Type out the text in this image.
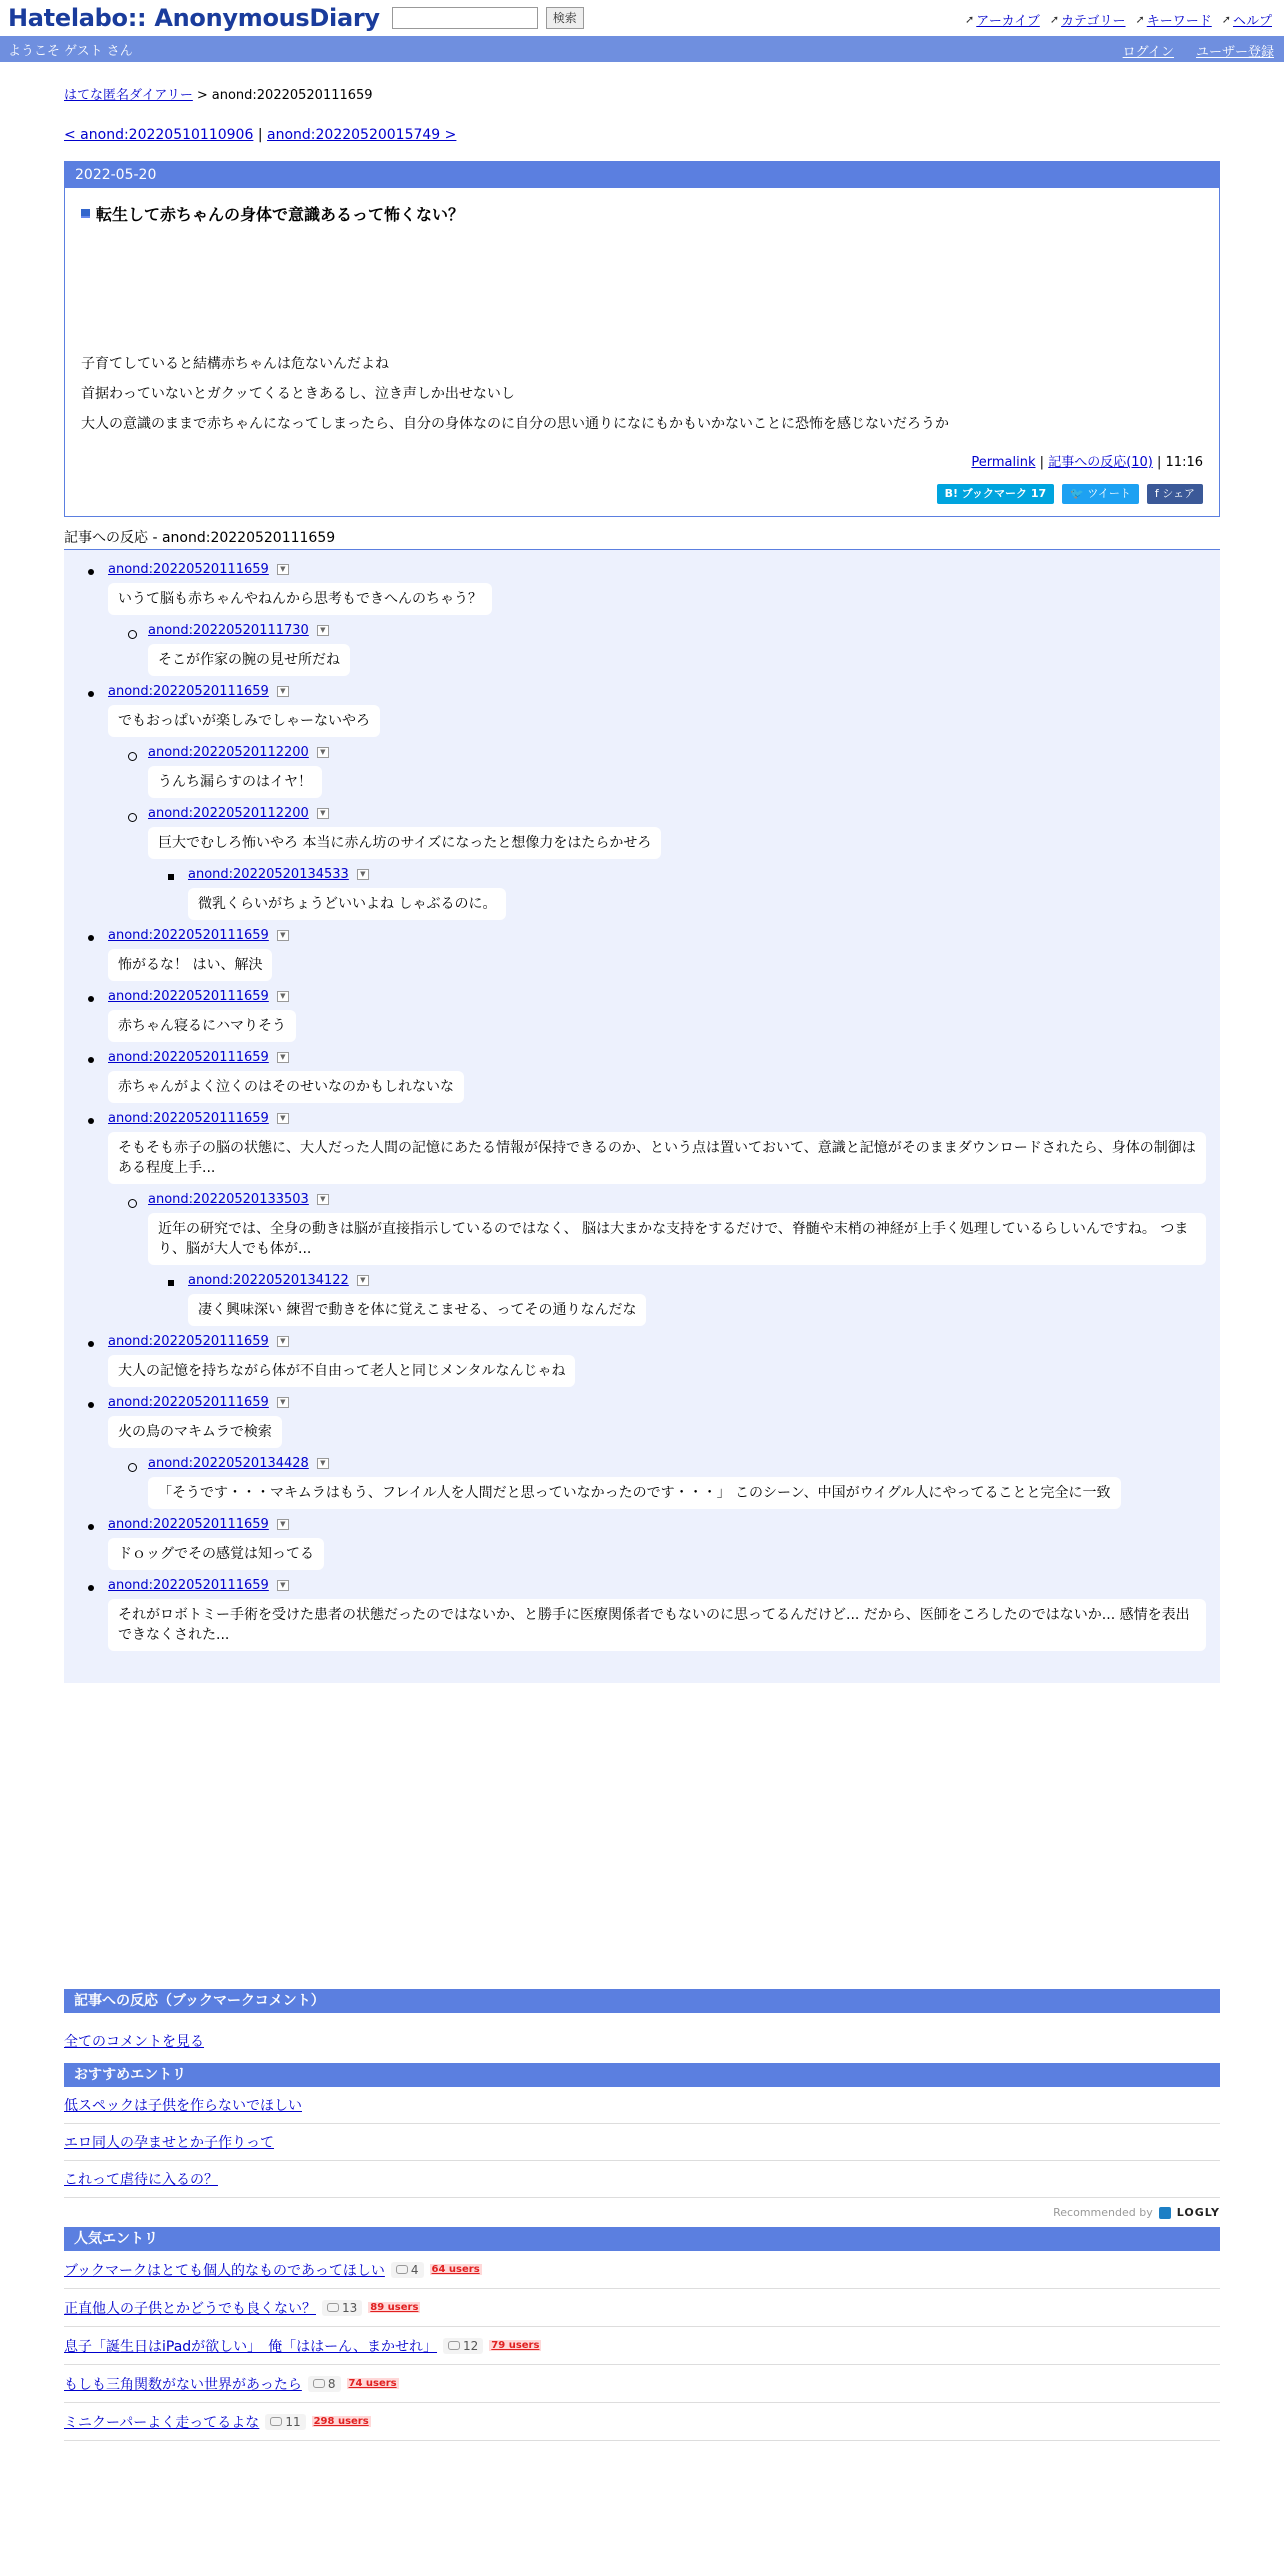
Hatelabo:: AnonymousDiary	検索	➚ アーカイブ ➚ カテゴリー ➚ キーワード ➚ ヘルプ
ようこそ ゲスト さん	ログイン ユーザー登録
はてな匿名ダイアリー > anond:20220520111659
< anond:20220510110906 | anond:20220520015749 >
2022-05-20
転生して赤ちゃんの身体で意識あるって怖くない？
子育てしていると結構赤ちゃんは危ないんだよね
首据わっていないとガクッてくるときあるし、泣き声しか出せないし
大人の意識のままで赤ちゃんになってしまったら、自分の身体なのに自分の思い通りになにもかもいかないことに恐怖を感じないだろうか
Permalink | 記事への反応(10) | 11:16
B! ブックマーク 17	🐦 ツイート	f シェア
記事への反応 - anond:20220520111659
anond:20220520111659	▼
いうて脳も赤ちゃんやねんから思考もできへんのちゃう？
anond:20220520111730	▼
そこが作家の腕の見せ所だね
anond:20220520111659	▼
でもおっぱいが楽しみでしゃーないやろ
anond:20220520112200	▼
うんち漏らすのはイヤ！
anond:20220520112200	▼
巨大でむしろ怖いやろ 本当に赤ん坊のサイズになったと想像力をはたらかせろ
anond:20220520134533	▼
微乳くらいがちょうどいいよね しゃぶるのに。
anond:20220520111659	▼
怖がるな！ はい、解決
anond:20220520111659	▼
赤ちゃん寝るにハマりそう
anond:20220520111659	▼
赤ちゃんがよく泣くのはそのせいなのかもしれないな
anond:20220520111659	▼
そもそも赤子の脳の状態に、大人だった人間の記憶にあたる情報が保持できるのか、という点は置いておいて、意識と記憶がそのままダウンロードされたら、身体の制御はある程度上手...
anond:20220520133503	▼
近年の研究では、全身の動きは脳が直接指示しているのではなく、 脳は大まかな支持をするだけで、脊髄や末梢の神経が上手く処理しているらしいんですね。 つまり、脳が大人でも体が...
anond:20220520134122	▼
凄く興味深い 練習で動きを体に覚えこませる、ってその通りなんだな
anond:20220520111659	▼
大人の記憶を持ちながら体が不自由って老人と同じメンタルなんじゃね
anond:20220520111659	▼
火の鳥のマキムラで検索
anond:20220520134428	▼
「そうです・・・マキムラはもう、フレイル人を人間だと思っていなかったのです・・・」 このシーン、中国がウイグル人にやってることと完全に一致
anond:20220520111659	▼
ドｏッグでその感覚は知ってる
anond:20220520111659	▼
それがロボトミー手術を受けた患者の状態だったのではないか、と勝手に医療関係者でもないのに思ってるんだけど... だから、医師をころしたのではないか... 感情を表出できなくされた...
記事への反応（ブックマークコメント）
全てのコメントを見る
おすすめエントリ
低スペックは子供を作らないでほしい
エロ同人の孕ませとか子作りって
これって虐待に入るの？
Recommended by LOGLY
人気エントリ
ブックマークはとても個人的なものであってほしい 4 64 users
正直他人の子供とかどうでも良くない？ 13 89 users
息子「誕生日はiPadが欲しい」　俺「ははーん、まかせれ」 12 79 users
もしも三角関数がない世界があったら 8 74 users
ミニクーパーよく走ってるよな 11 298 users
